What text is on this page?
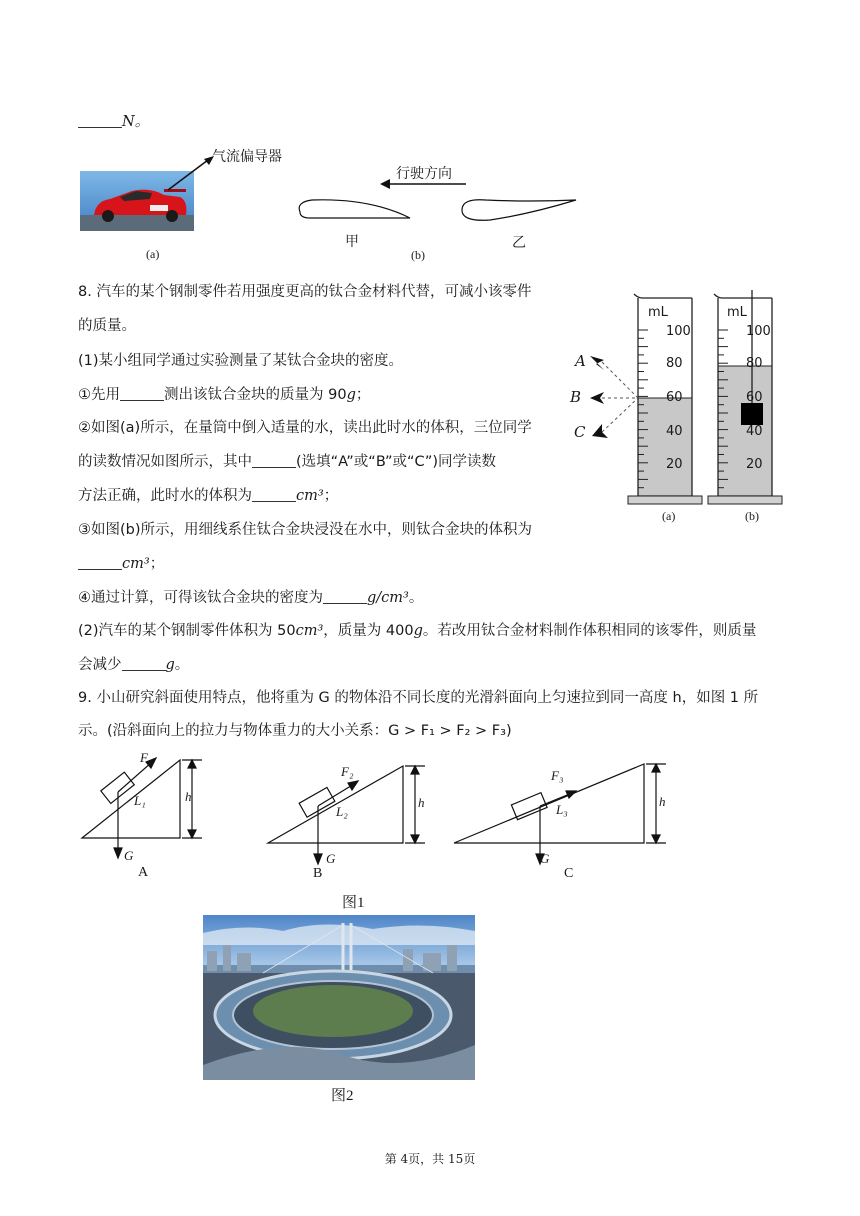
N。
气流偏导器
(a)
行驶方向
甲	乙
(b)
8. 汽车的某个钢制零件若用强度更高的钛合金材料代替，可减小该零件
的质量。
(1)某小组同学通过实验测量了某钛合金块的密度。
①先用	测出该钛合金块的质量为 90g；
②如图(a)所示，在量筒中倒入适量的水，读出此时水的体积，三位同学
的读数情况如图所示，其中	(选填“A”或“B”或“C”)同学读数
方法正确，此时水的体积为	cm³；
③如图(b)所示，用细线系住钛合金块浸没在水中，则钛合金块的体积为
cm³；
④通过计算，可得该钛合金块的密度为	g/cm³。
(2)汽车的某个钢制零件体积为 50cm³，质量为 400g。若改用钛合金材料制作体积相同的该零件，则质量
会减少	g。
mL	mL
100
80
60
40
20
100
80
60
40
20
A
B
C
(a)	(b)
9. 小山研究斜面使用特点，他将重为 G 的物体沿不同长度的光滑斜面向上匀速拉到同一高度 h，如图 1 所
示。(沿斜面向上的拉力与物体重力的大小关系：G > F₁ > F₂ > F₃)
F₁
L₁	h
G
A
F₂
L₂
h
G
B
F₃
L₃
h
G
C
图1
图2
第 4页，共 15页
